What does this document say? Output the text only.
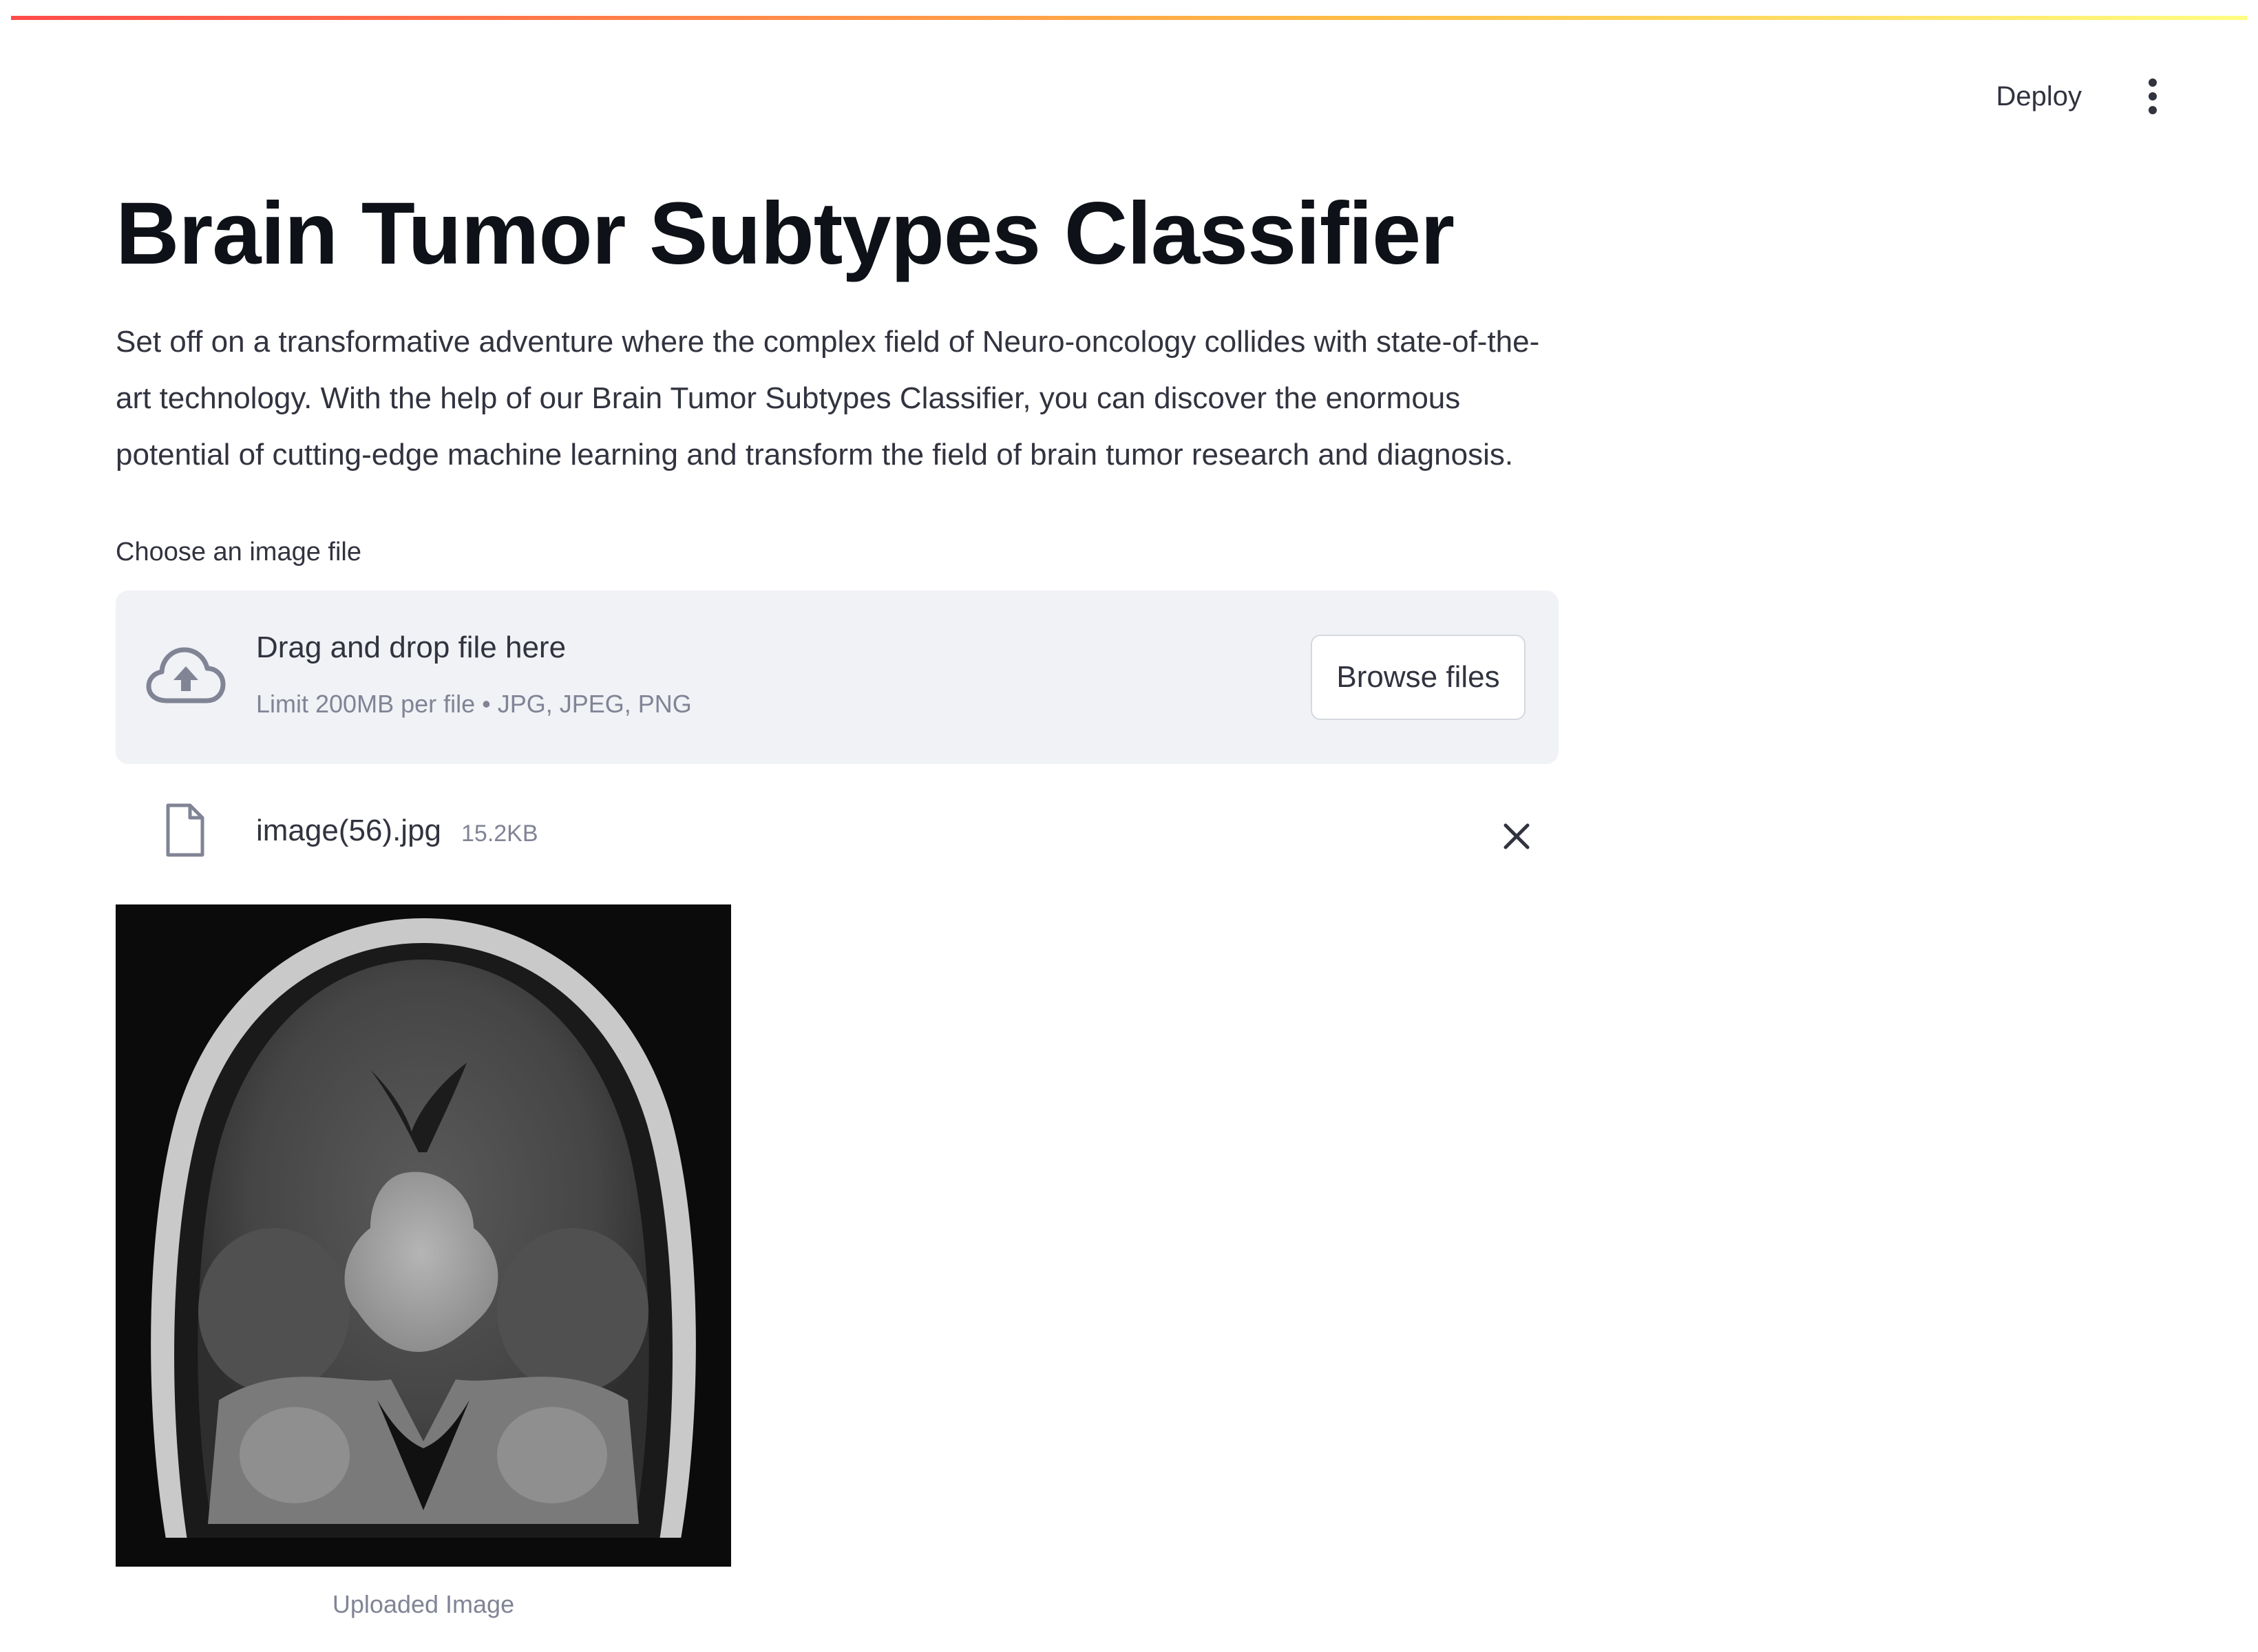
Deploy
Brain Tumor Subtypes Classifier

Set off on a transformative adventure where the complex field of Neuro-oncology collides with state-of-the-art technology. With the help of our Brain Tumor Subtypes Classifier, you can discover the enormous potential of cutting-edge machine learning and transform the field of brain tumor research and diagnosis.

Choose an image file
Drag and drop file here
Limit 200MB per file • JPG, JPEG, PNG
Browse files
image(56).jpg 15.2KB
Uploaded Image
